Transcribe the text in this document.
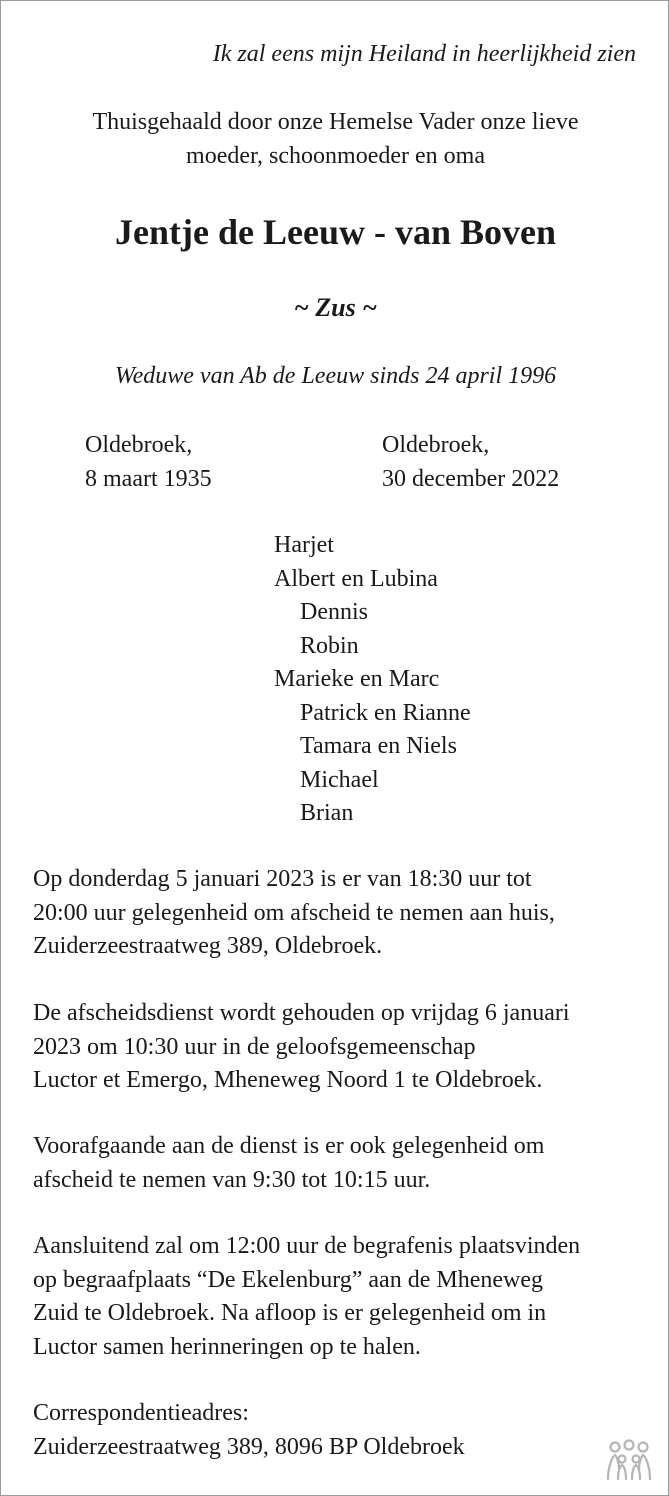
Ik zal eens mijn Heiland in heerlijkheid zien

Thuisgehaald door onze Hemelse Vader onze lieve
moeder, schoonmoeder en oma

Jentje de Leeuw - van Boven

~ Zus ~

Weduwe van Ab de Leeuw sinds 24 april 1996

Oldebroek,
8 maart 1935

Oldebroek,
30 december 2022

Harjet
Albert en Lubina
Dennis
Robin
Marieke en Marc
Patrick en Rianne
Tamara en Niels
Michael
Brian
Op donderdag 5 januari 2023 is er van 18:30 uur tot
20:00 uur gelegenheid om afscheid te nemen aan huis,
Zuiderzeestraatweg 389, Oldebroek.
De afscheidsdienst wordt gehouden op vrijdag 6 januari
2023 om 10:30 uur in de geloofsgemeenschap
Luctor et Emergo, Mheneweg Noord 1 te Oldebroek.
Voorafgaande aan de dienst is er ook gelegenheid om
afscheid te nemen van 9:30 tot 10:15 uur.
Aansluitend zal om 12:00 uur de begrafenis plaatsvinden
op begraafplaats “De Ekelenburg” aan de Mheneweg
Zuid te Oldebroek. Na afloop is er gelegenheid om in
Luctor samen herinneringen op te halen.
Correspondentieadres:
Zuiderzeestraatweg 389, 8096 BP Oldebroek
